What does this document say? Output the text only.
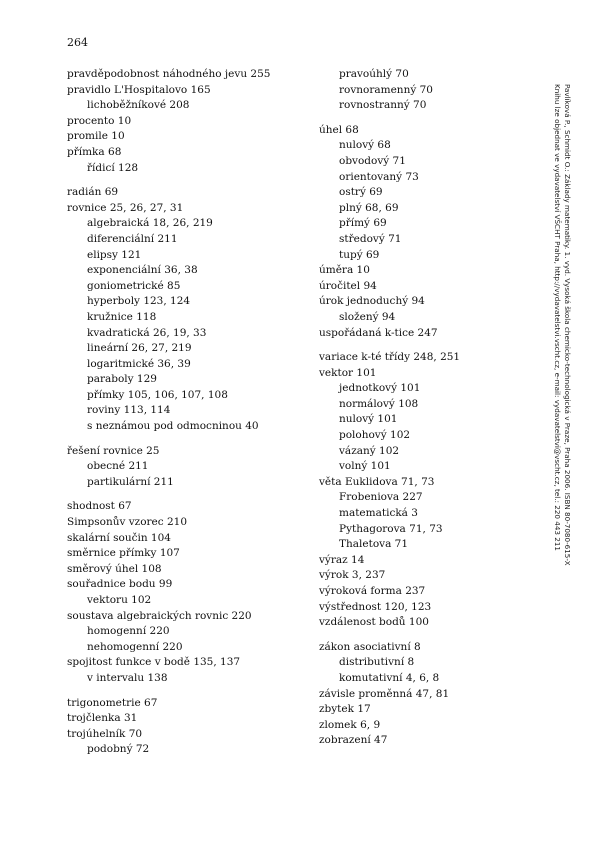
264
pravděpodobnost náhodného jevu 255
pravidlo L'Hospitalovo 165
lichoběžníkové 208
procento 10
promile 10
přímka 68
řídicí 128
radián 69
rovnice 25, 26, 27, 31
algebraická 18, 26, 219
diferenciální 211
elipsy 121
exponenciální 36, 38
goniometrické 85
hyperboly 123, 124
kružnice 118
kvadratická 26, 19, 33
lineární 26, 27, 219
logaritmické 36, 39
paraboly 129
přímky 105, 106, 107, 108
roviny 113, 114
s neznámou pod odmocninou 40
řešení rovnice 25
obecné 211
partikulární 211
shodnost 67
Simpsonův vzorec 210
skalární součin 104
směrnice přímky 107
směrový úhel 108
souřadnice bodu 99
vektoru 102
soustava algebraických rovnic 220
homogenní 220
nehomogenní 220
spojitost funkce v bodě 135, 137
v intervalu 138
trigonometrie 67
trojčlenka 31
trojúhelník 70
podobný 72
pravoúhlý 70
rovnoramenný 70
rovnostranný 70
úhel 68
nulový 68
obvodový 71
orientovaný 73
ostrý 69
plný 68, 69
přímý 69
středový 71
tupý 69
úměra 10
úročitel 94
úrok jednoduchý 94
složený 94
uspořádaná k-tice 247
variace k-té třídy 248, 251
vektor 101
jednotkový 101
normálový 108
nulový 101
polohový 102
vázaný 102
volný 101
věta Euklidova 71, 73
Frobeniova 227
matematická 3
Pythagorova 71, 73
Thaletova 71
výraz 14
výrok 3, 237
výroková forma 237
výstřednost 120, 123
vzdálenost bodů 100
zákon asociativní 8
distributivní 8
komutativní 4, 6, 8
závisle proměnná 47, 81
zbytek 17
zlomek 6, 9
zobrazení 47
Pavlíková P., Schmidt O.: Základy matematiky. 1. vyd. Vysoká škola chemicko-technologická v Praze, Praha 2006. ISBN 80-7080-615-X
Knihu lze objednat ve vydavatelství VŠCHT Praha, http://vydavatelstvi.vscht.cz, e-mail: vydavatelstvi@vscht.cz, tel.: 220 443 211
